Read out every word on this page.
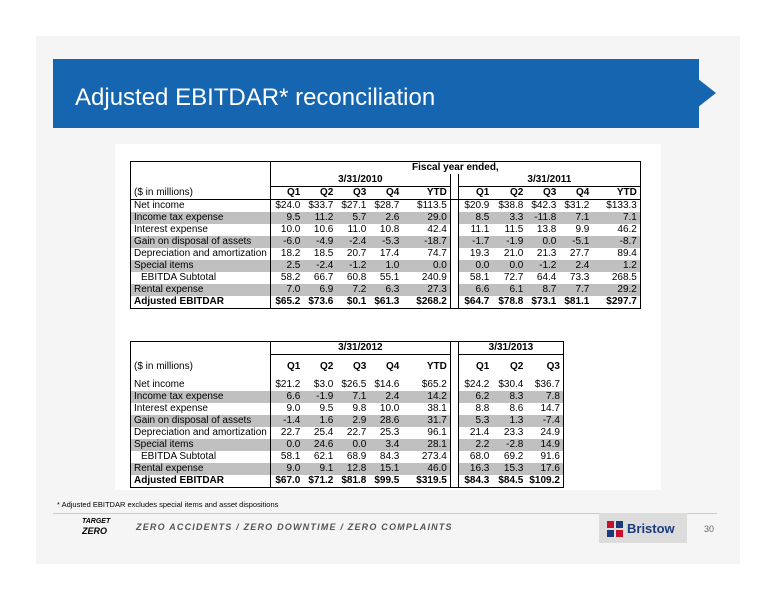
Adjusted EBITDAR* reconciliation
	Fiscal year ended,										
	3/31/2010						3/31/2011				
($ in millions)	Q1	Q2	Q3	Q4	YTD		Q1	Q2	Q3	Q4	YTD
Net income	$24.0	$33.7	$27.1	$28.7	$113.5		$20.9	$38.8	$42.3	$31.2	$133.3
Income tax expense	9.5	11.2	5.7	2.6	29.0		8.5	3.3	-11.8	7.1	7.1
Interest expense	10.0	10.6	11.0	10.8	42.4		11.1	11.5	13.8	9.9	46.2
Gain on disposal of assets	-6.0	-4.9	-2.4	-5.3	-18.7		-1.7	-1.9	0.0	-5.1	-8.7
Depreciation and amortization	18.2	18.5	20.7	17.4	74.7		19.3	21.0	21.3	27.7	89.4
Special items	2.5	-2.4	-1.2	1.0	0.0		0.0	0.0	-1.2	2.4	1.2
EBITDA Subtotal	58.2	66.7	60.8	55.1	240.9		58.1	72.7	64.4	73.3	268.5
Rental expense	7.0	6.9	7.2	6.3	27.3		6.6	6.1	8.7	7.7	29.2
Adjusted EBITDAR	$65.2	$73.6	$0.1	$61.3	$268.2		$64.7	$78.8	$73.1	$81.1	$297.7
	3/31/2012						3/31/2013		
($ in millions)	Q1	Q2	Q3	Q4	YTD		Q1	Q2	Q3
Net income	$21.2	$3.0	$26.5	$14.6	$65.2		$24.2	$30.4	$36.7
Income tax expense	6.6	-1.9	7.1	2.4	14.2		6.2	8.3	7.8
Interest expense	9.0	9.5	9.8	10.0	38.1		8.8	8.6	14.7
Gain on disposal of assets	-1.4	1.6	2.9	28.6	31.7		5.3	1.3	-7.4
Depreciation and amortization	22.7	25.4	22.7	25.3	96.1		21.4	23.3	24.9
Special items	0.0	24.6	0.0	3.4	28.1		2.2	-2.8	14.9
EBITDA Subtotal	58.1	62.1	68.9	84.3	273.4		68.0	69.2	91.6
Rental expense	9.0	9.1	12.8	15.1	46.0		16.3	15.3	17.6
Adjusted EBITDAR	$67.0	$71.2	$81.8	$99.5	$319.5		$84.3	$84.5	$109.2
* Adjusted EBITDAR excludes special items and asset dispositions
TARGET
ZERO	ZERO ACCIDENTS / ZERO DOWNTIME / ZERO COMPLAINTS	Bristow	30
